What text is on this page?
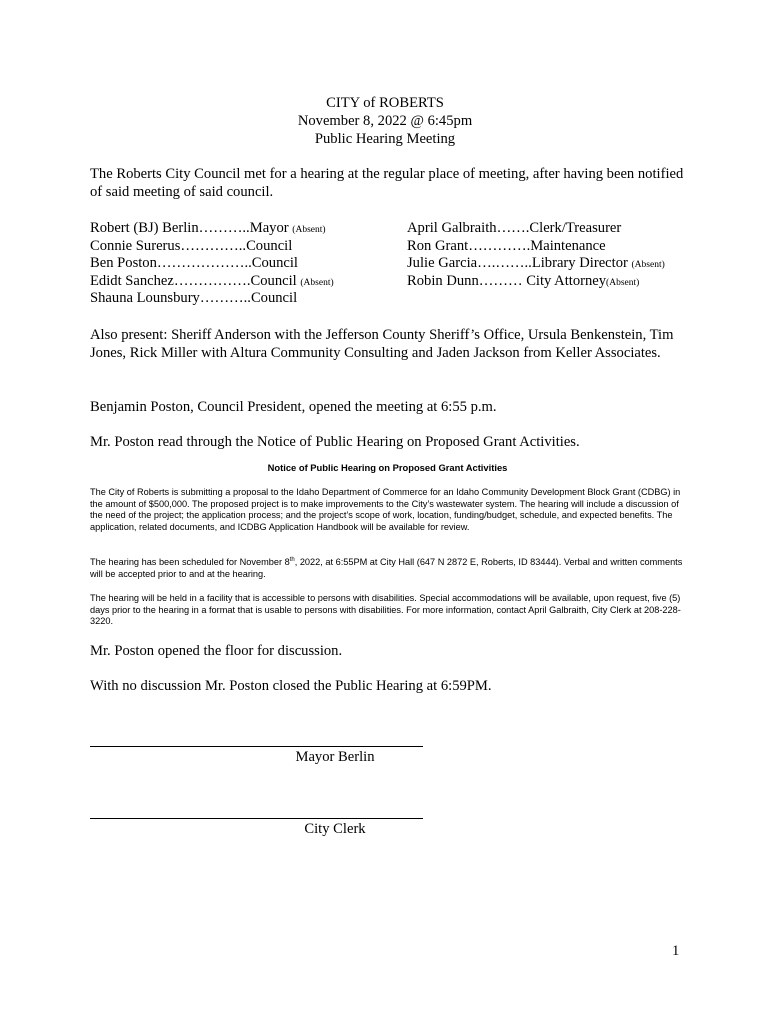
CITY of ROBERTS
November 8, 2022 @ 6:45pm
Public Hearing Meeting
The Roberts City Council met for a hearing at the regular place of meeting, after having been notified of said meeting of said council.
Robert (BJ) Berlin………..Mayor (Absent)
Connie Surerus…………..Council
Ben Poston………………..Council
Edidt Sanchez…………….Council (Absent)
Shauna Lounsbury………..Council
April Galbraith…….Clerk/Treasurer
Ron Grant………….Maintenance
Julie Garcia….……..Library Director (Absent)
Robin Dunn……… City Attorney(Absent)
Also present: Sheriff Anderson with the Jefferson County Sheriff’s Office, Ursula Benkenstein, Tim Jones, Rick Miller with Altura Community Consulting and Jaden Jackson from Keller Associates.
Benjamin Poston, Council President, opened the meeting at 6:55 p.m.
Mr. Poston read through the Notice of Public Hearing on Proposed Grant Activities.
Notice of Public Hearing on Proposed Grant Activities
The City of Roberts is submitting a proposal to the Idaho Department of Commerce for an Idaho Community Development Block Grant (CDBG) in the amount of $500,000. The proposed project is to make improvements to the City’s wastewater system. The hearing will include a discussion of the need of the project; the application process; and the project’s scope of work, location, funding/budget, schedule, and expected benefits. The application, related documents, and ICDBG Application Handbook will be available for review.
The hearing has been scheduled for November 8th, 2022, at 6:55PM at City Hall (647 N 2872 E, Roberts, ID 83444). Verbal and written comments will be accepted prior to and at the hearing.
The hearing will be held in a facility that is accessible to persons with disabilities. Special accommodations will be available, upon request, five (5) days prior to the hearing in a format that is usable to persons with disabilities. For more information, contact April Galbraith, City Clerk at 208-228-3220.
Mr. Poston opened the floor for discussion.
With no discussion Mr. Poston closed the Public Hearing at 6:59PM.
Mayor Berlin
City Clerk
1
